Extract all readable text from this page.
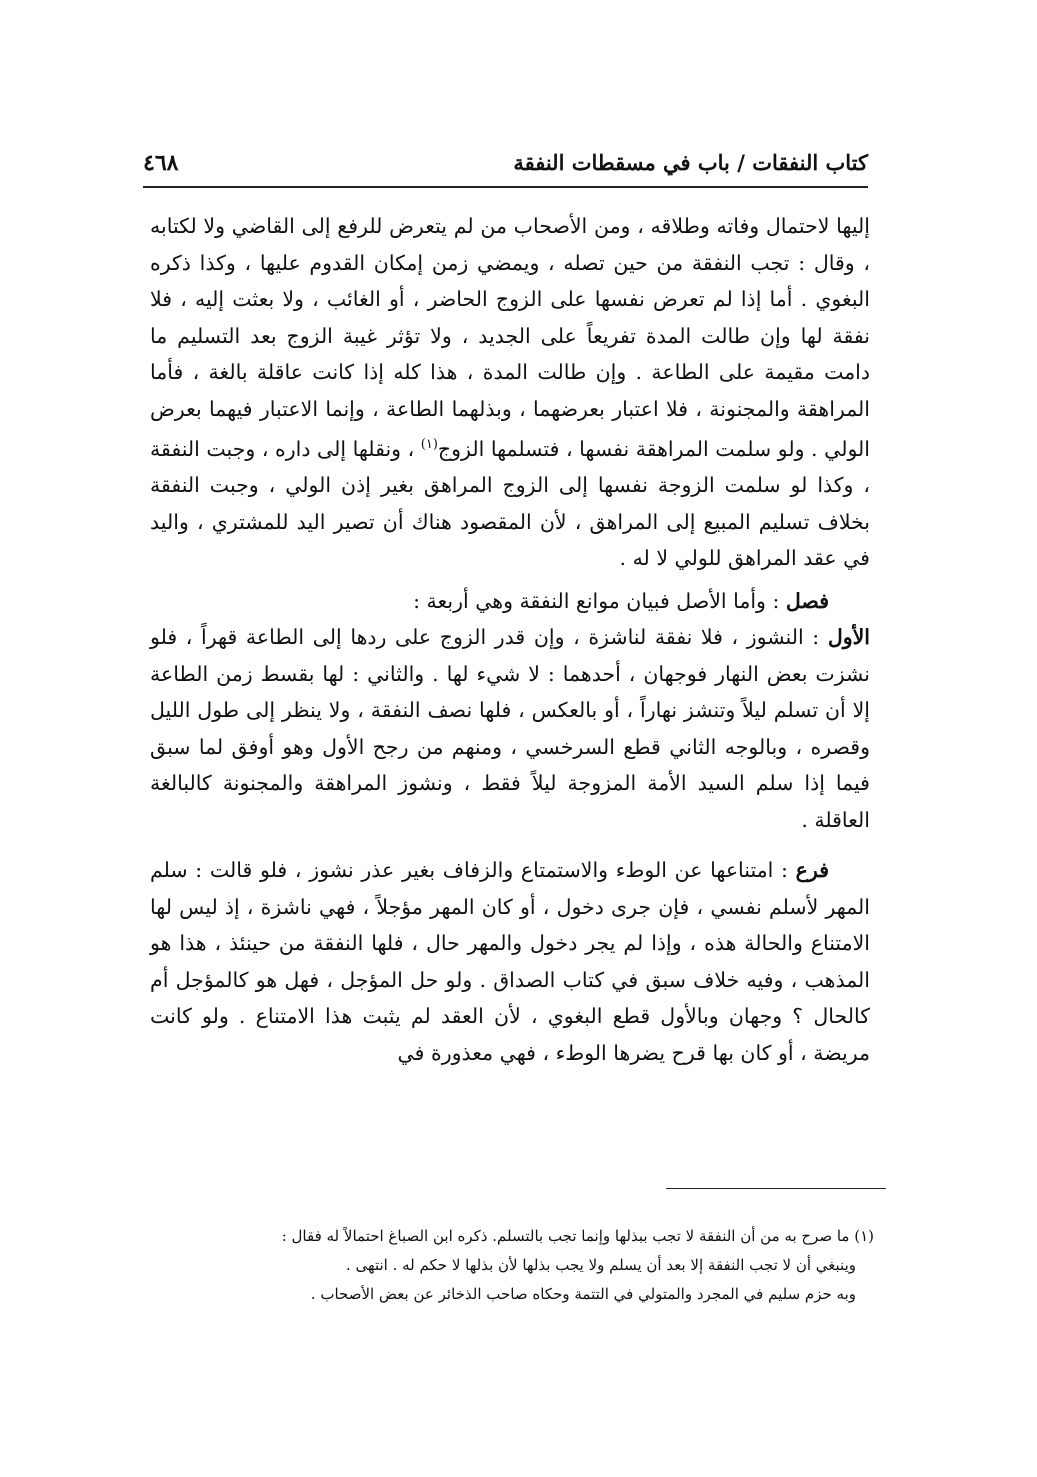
كتاب النفقات / باب في مسقطات النفقة
٤٦٨

إليها لاحتمال وفاته وطلاقه ، ومن الأصحاب من لم يتعرض للرفع إلى القاضي ولا لكتابه ، وقال : تجب النفقة من حين تصله ، ويمضي زمن إمكان القدوم عليها ، وكذا ذكره البغوي . أما إذا لم تعرض نفسها على الزوج الحاضر ، أو الغائب ، ولا بعثت إليه ، فلا نفقة لها وإن طالت المدة تفريعاً على الجديد ، ولا تؤثر غيبة الزوج بعد التسليم ما دامت مقيمة على الطاعة . وإن طالت المدة ، هذا كله إذا كانت عاقلة بالغة ، فأما المراهقة والمجنونة ، فلا اعتبار بعرضهما ، وبذلهما الطاعة ، وإنما الاعتبار فيهما بعرض الولي . ولو سلمت المراهقة نفسها ، فتسلمها الزوج$^{(١)}$ ، ونقلها إلى داره ، وجبت النفقة ، وكذا لو سلمت الزوجة نفسها إلى الزوج المراهق بغير إذن الولي ، وجبت النفقة بخلاف تسليم المبيع إلى المراهق ، لأن المقصود هناك أن تصير اليد للمشتري ، واليد في عقد المراهق للولي لا له .

  فصل : وأما الأصل فبيان موانع النفقة وهي أربعة :

الأول : النشوز ، فلا نفقة لناشزة ، وإن قدر الزوج على ردها إلى الطاعة قهراً ، فلو نشزت بعض النهار فوجهان ، أحدهما : لا شيء لها . والثاني : لها بقسط زمن الطاعة إلا أن تسلم ليلاً وتنشز نهاراً ، أو بالعكس ، فلها نصف النفقة ، ولا ينظر إلى طول الليل وقصره ، وبالوجه الثاني قطع السرخسي ، ومنهم من رجح الأول وهو أوفق لما سبق فيما إذا سلم السيد الأمة المزوجة ليلاً فقط ، ونشوز المراهقة والمجنونة كالبالغة العاقلة .

  فرع : امتناعها عن الوطء والاستمتاع والزفاف بغير عذر نشوز ، فلو قالت : سلم المهر لأسلم نفسي ، فإن جرى دخول ، أو كان المهر مؤجلاً ، فهي ناشزة ، إذ ليس لها الامتناع والحالة هذه ، وإذا لم يجر دخول والمهر حال ، فلها النفقة من حينئذ ، هذا هو المذهب ، وفيه خلاف سبق في كتاب الصداق . ولو حل المؤجل ، فهل هو كالمؤجل أم كالحال ؟ وجهان وبالأول قطع البغوي ، لأن العقد لم يثبت هذا الامتناع . ولو كانت مريضة ، أو كان بها قرح يضرها الوطء ، فهي معذورة في

(١) ما صرح به من أن النفقة لا تجب ببذلها وإنما تجب بالتسلم. ذكره ابن الصباغ احتمالاً له فقال :

وينبغي أن لا تجب النفقة إلا بعد أن يسلم ولا يجب بذلها لأن بذلها لا حكم له . انتهى .

وبه حزم سليم في المجرد والمتولي في التتمة وحكاه صاحب الذخائر عن بعض الأصحاب .
